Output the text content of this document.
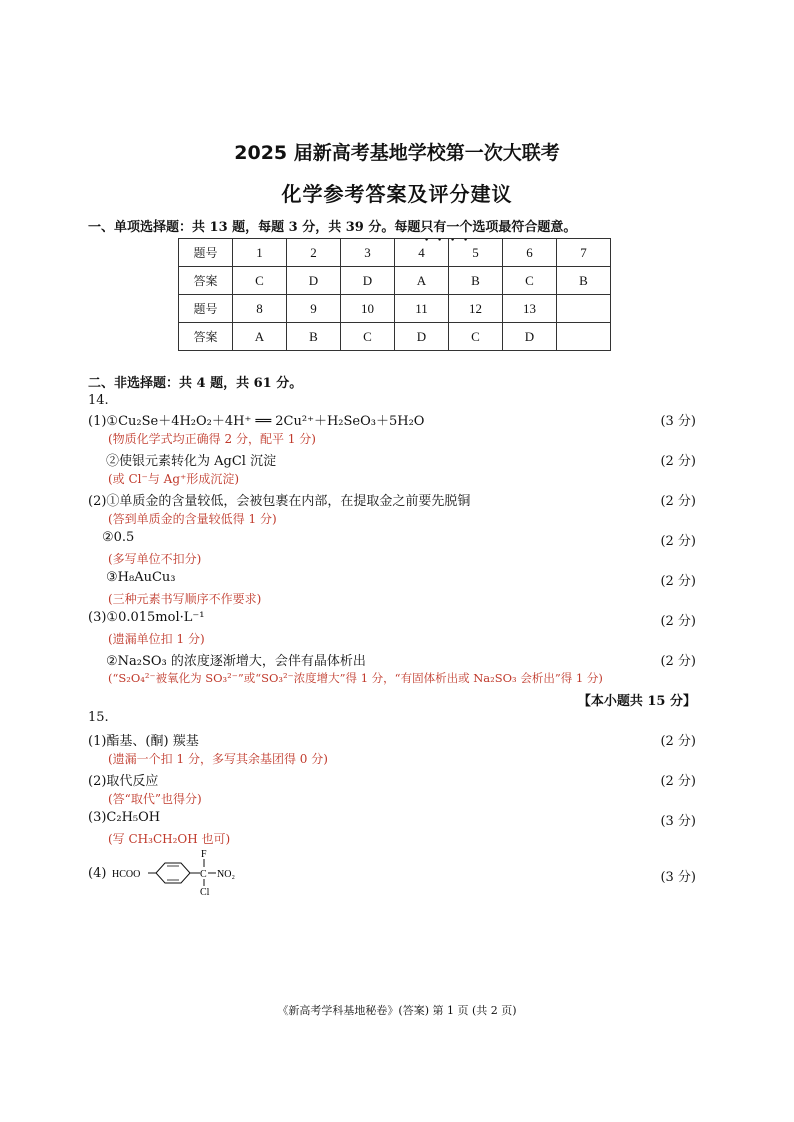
2025 届新高考基地学校第一次大联考
化学参考答案及评分建议
一、单项选择题：共 13 题，每题 3 分，共 39 分。每题只有一个选项最符合题意。
题号	1	2	3	4	5	6	7
答案	C	D	D	A	B	C	B
题号	8	9	10	11	12	13	
答案	A	B	C	D	C	D	
二、非选择题：共 4 题，共 61 分。
14.
(1)①Cu₂Se＋4H₂O₂＋4H⁺ ══ 2Cu²⁺＋H₂SeO₃＋5H₂O	(3 分)
(物质化学式均正确得 2 分，配平 1 分)
②使银元素转化为 AgCl 沉淀	(2 分)
(或 Cl⁻与 Ag⁺形成沉淀)
(2)①单质金的含量较低，会被包裹在内部，在提取金之前要先脱铜	(2 分)
(答到单质金的含量较低得 1 分)
②0.5	(2 分)
(多写单位不扣分)
③H₈AuCu₃	(2 分)
(三种元素书写顺序不作要求)
(3)①0.015mol·L⁻¹	(2 分)
(遗漏单位扣 1 分)
②Na₂SO₃ 的浓度逐渐增大，会伴有晶体析出	(2 分)
(“S₂O₄²⁻被氧化为 SO₃²⁻”或“SO₃²⁻浓度增大”得 1 分，“有固体析出或 Na₂SO₃ 会析出”得 1 分)
【本小题共 15 分】
15.
(1)酯基、(酮) 羰基	(2 分)
(遗漏一个扣 1 分，多写其余基团得 0 分)
(2)取代反应	(2 分)
(答“取代”也得分)
(3)C₂H₅OH	(3 分)
(写 CH₃CH₂OH 也可)
(4)	(3 分)
HCOO	C
F
NO₂
Cl
《新高考学科基地秘卷》(答案) 第 1 页 (共 2 页)
